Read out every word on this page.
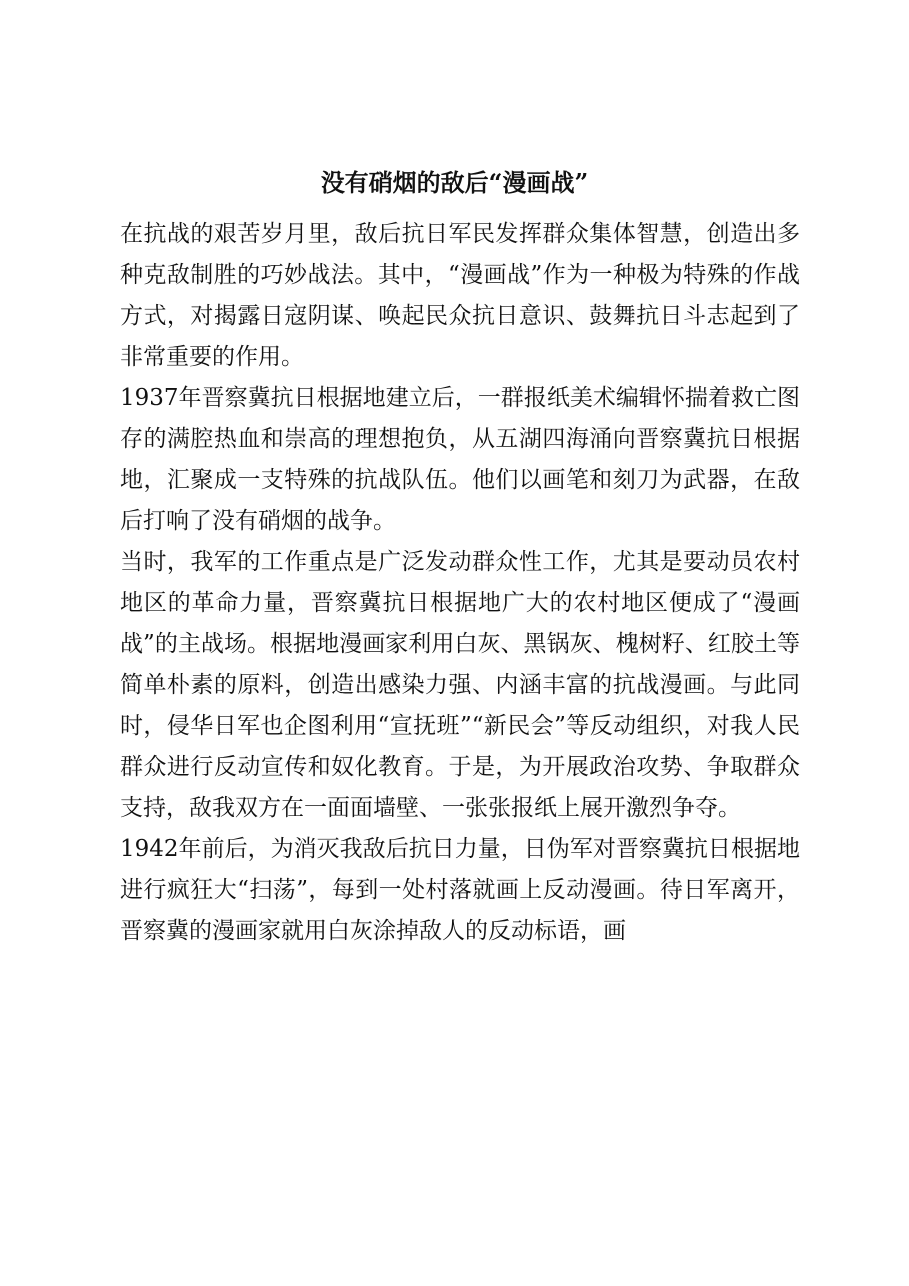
没有硝烟的敌后“漫画战”

在抗战的艰苦岁月里，敌后抗日军民发挥群众集体智慧，创造出多种克敌制胜的巧妙战法。其中，“漫画战”作为一种极为特殊的作战方式，对揭露日寇阴谋、唤起民众抗日意识、鼓舞抗日斗志起到了非常重要的作用。

1937年晋察冀抗日根据地建立后，一群报纸美术编辑怀揣着救亡图存的满腔热血和崇高的理想抱负，从五湖四海涌向晋察冀抗日根据地，汇聚成一支特殊的抗战队伍。他们以画笔和刻刀为武器，在敌后打响了没有硝烟的战争。

当时，我军的工作重点是广泛发动群众性工作，尤其是要动员农村地区的革命力量，晋察冀抗日根据地广大的农村地区便成了“漫画战”的主战场。根据地漫画家利用白灰、黑锅灰、槐树籽、红胶土等简单朴素的原料，创造出感染力强、内涵丰富的抗战漫画。与此同时，侵华日军也企图利用“宣抚班”“新民会”等反动组织，对我人民群众进行反动宣传和奴化教育。于是，为开展政治攻势、争取群众支持，敌我双方在一面面墙壁、一张张报纸上展开激烈争夺。

1942年前后，为消灭我敌后抗日力量，日伪军对晋察冀抗日根据地进行疯狂大“扫荡”，每到一处村落就画上反动漫画。待日军离开，晋察冀的漫画家就用白灰涂掉敌人的反动标语，画
